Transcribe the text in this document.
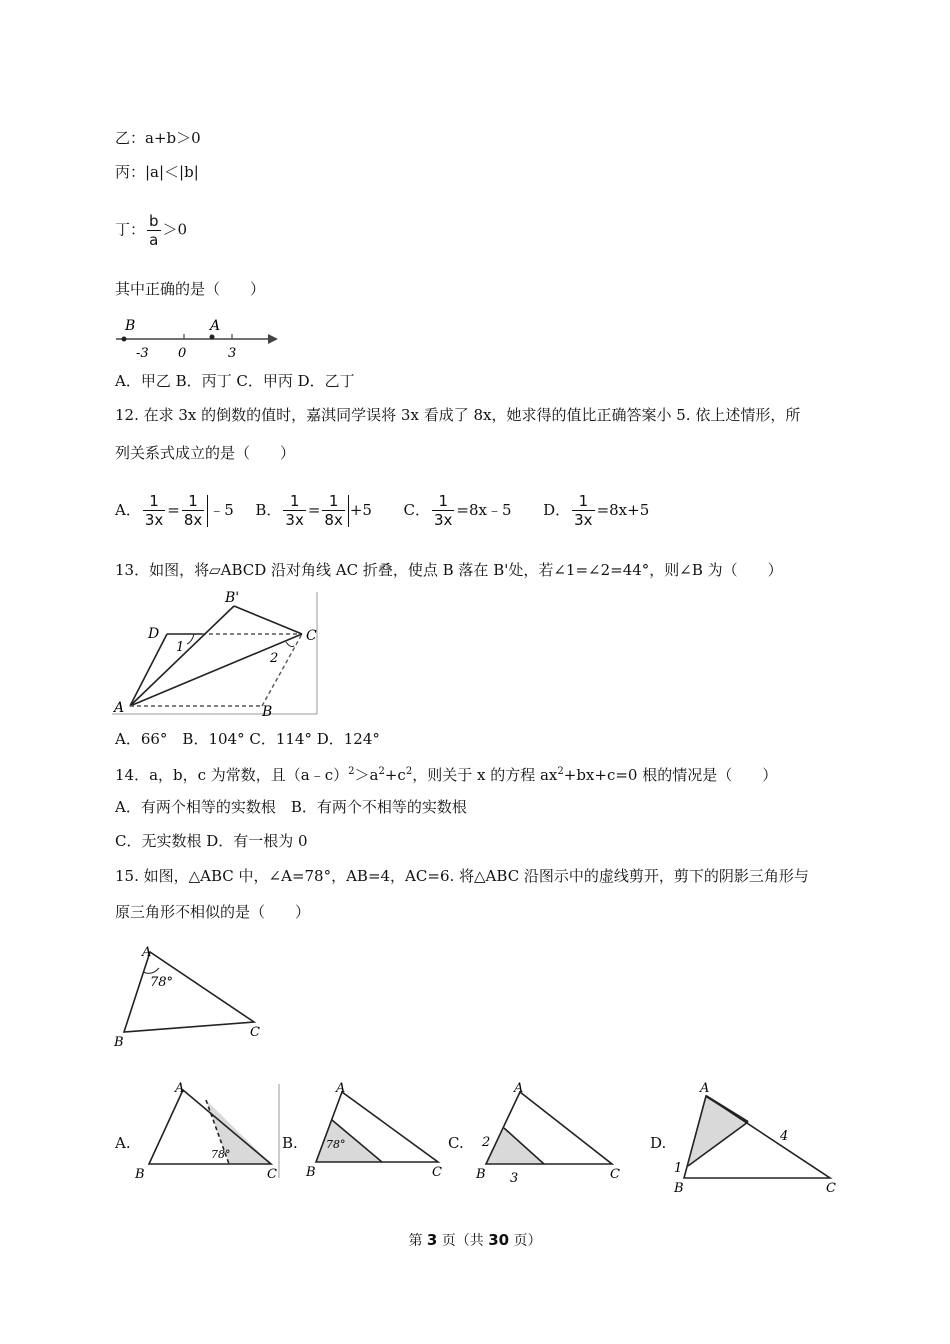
乙：a+b＞0
丙：|a|＜|b|
丁： $\frac{b}{a} >0$
其中正确的是（　　）
B	A
-3 0	3
A．甲乙 B．丙丁 C．甲丙 D．乙丁
12. 在求 3x 的倒数的值时，嘉淇同学误将 3x 看成了 8x，她求得的值比正确答案小 5. 依上述情形，所
列关系式成立的是（　　）
A． $\frac{1}{3x} = \frac{1}{8x}$ ﹣5 B． $\frac{1}{3x} = \frac{1}{8x} +5$ C． $\frac{1}{3x}$ =8x﹣5 D． $\frac{1}{3x} =8x+5$
13．如图，将▱ABCD 沿对角线 AC 折叠，使点 B 落在 B'处，若∠1=∠2=44°，则∠B 为（　　）
B'
D	C
1
2
A	B
A．66°　B．104° C．114° D．124°
14．a，b，c 为常数，且$(a﹣c)^2>a^2+c^2$，则关于 x 的方程 $ax^2+bx+c=0$ 根的情况是（　　）
A．有两个相等的实数根　B．有两个不相等的实数根
C．无实数根 D．有一根为 0
15. 如图，△ABC 中，∠A=78°，AB=4，AC=6. 将△ABC 沿图示中的虚线剪开，剪下的阴影三角形与
原三角形不相似的是（　　）
A
78°
B
C
A.
A
78°
B	C
B.
A
78°
B	C
C.
A
2
B 3	C
D.
A
4
1
B	C
第 3 页（共 30 页）
